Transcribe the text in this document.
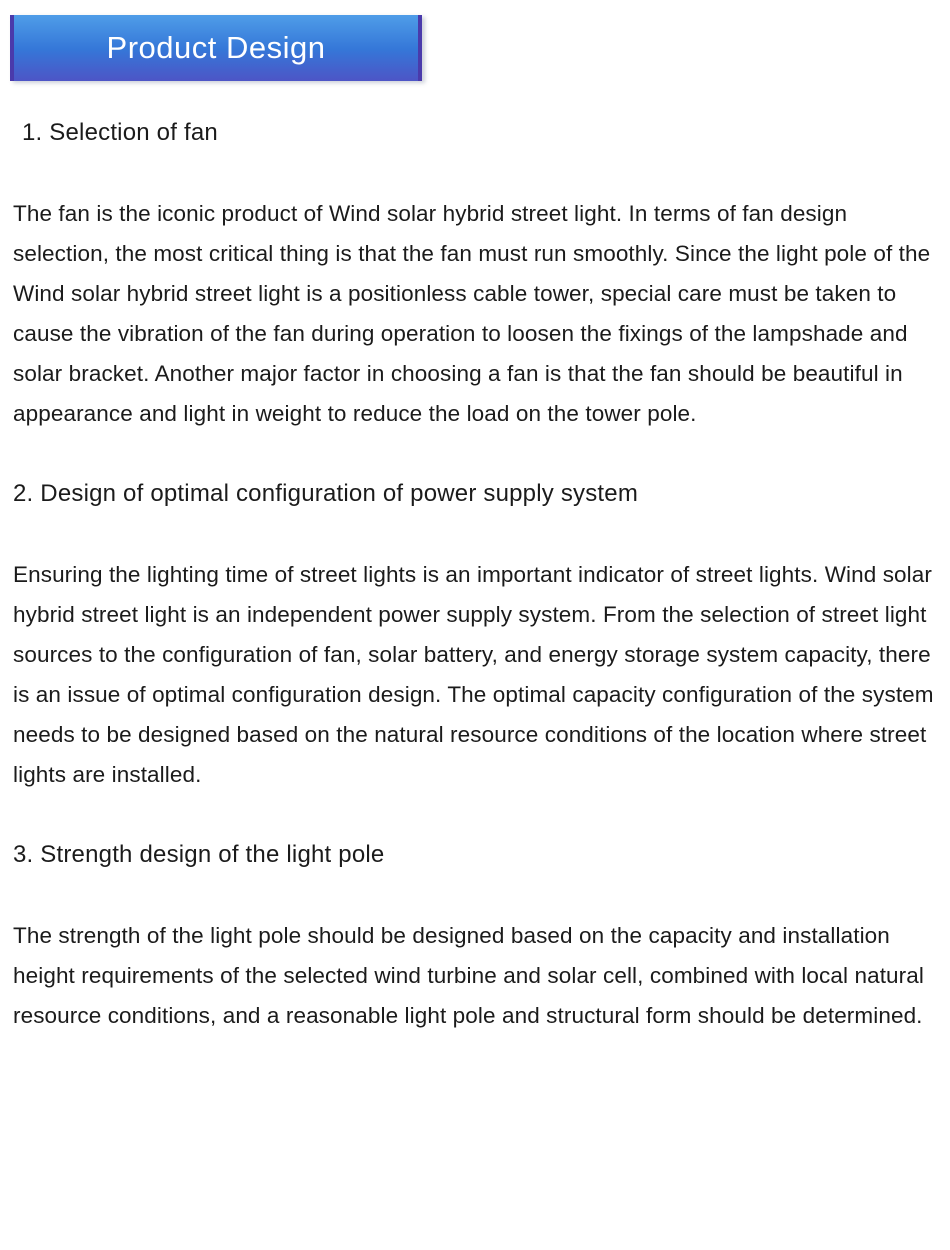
Product Design
1. Selection of fan

The fan is the iconic product of Wind solar hybrid street light. In terms of fan design selection, the most critical thing is that the fan must run smoothly. Since the light pole of the Wind solar hybrid street light is a positionless cable tower, special care must be taken to cause the vibration of the fan during operation to loosen the fixings of the lampshade and solar bracket. Another major factor in choosing a fan is that the fan should be beautiful in appearance and light in weight to reduce the load on the tower pole.

2. Design of optimal configuration of power supply system

Ensuring the lighting time of street lights is an important indicator of street lights. Wind solar hybrid street light is an independent power supply system. From the selection of street light sources to the configuration of fan, solar battery, and energy storage system capacity, there is an issue of optimal configuration design. The optimal capacity configuration of the system needs to be designed based on the natural resource conditions of the location where street lights are installed.

3. Strength design of the light pole

The strength of the light pole should be designed based on the capacity and installation height requirements of the selected wind turbine and solar cell, combined with local natural resource conditions, and a reasonable light pole and structural form should be determined.
